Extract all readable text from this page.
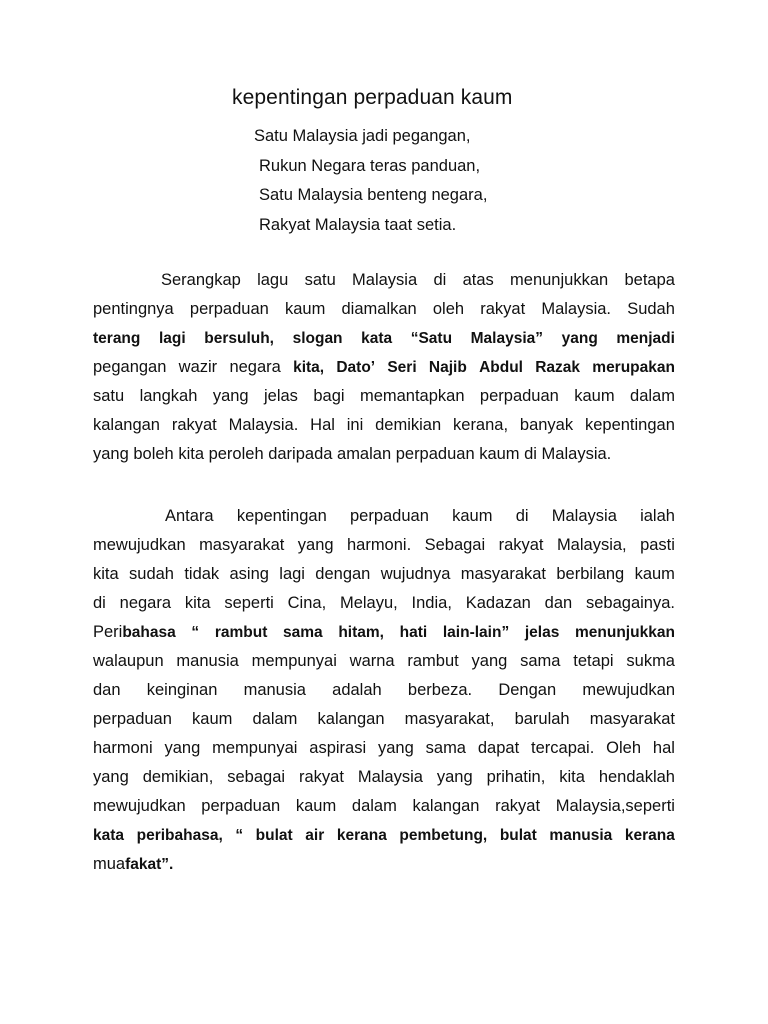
kepentingan perpaduan kaum
Satu Malaysia jadi pegangan,
Rukun Negara teras panduan,
Satu Malaysia benteng negara,
Rakyat Malaysia taat setia.
Serangkap lagu satu Malaysia di atas menunjukkan betapa
pentingnya perpaduan kaum diamalkan oleh rakyat Malaysia. Sudah
terang lagi bersuluh, slogan kata “Satu Malaysia” yang menjadi
pegangan wazir negara kita, Dato’ Seri Najib Abdul Razak merupakan
satu langkah yang jelas bagi memantapkan perpaduan kaum dalam
kalangan rakyat Malaysia. Hal ini demikian kerana, banyak kepentingan
yang boleh kita peroleh daripada amalan perpaduan kaum di Malaysia.
Antara kepentingan perpaduan kaum di Malaysia ialah
mewujudkan masyarakat yang harmoni. Sebagai rakyat Malaysia, pasti
kita sudah tidak asing lagi dengan wujudnya masyarakat berbilang kaum
di negara kita seperti Cina, Melayu, India, Kadazan dan sebagainya.
Peribahasa “ rambut sama hitam, hati lain-lain” jelas menunjukkan
walaupun manusia mempunyai warna rambut yang sama tetapi sukma
dan keinginan manusia adalah berbeza. Dengan mewujudkan
perpaduan kaum dalam kalangan masyarakat, barulah masyarakat
harmoni yang mempunyai aspirasi yang sama dapat tercapai. Oleh hal
yang demikian, sebagai rakyat Malaysia yang prihatin, kita hendaklah
mewujudkan perpaduan kaum dalam kalangan rakyat Malaysia,seperti
kata peribahasa, “ bulat air kerana pembetung, bulat manusia kerana
muafakat”.
